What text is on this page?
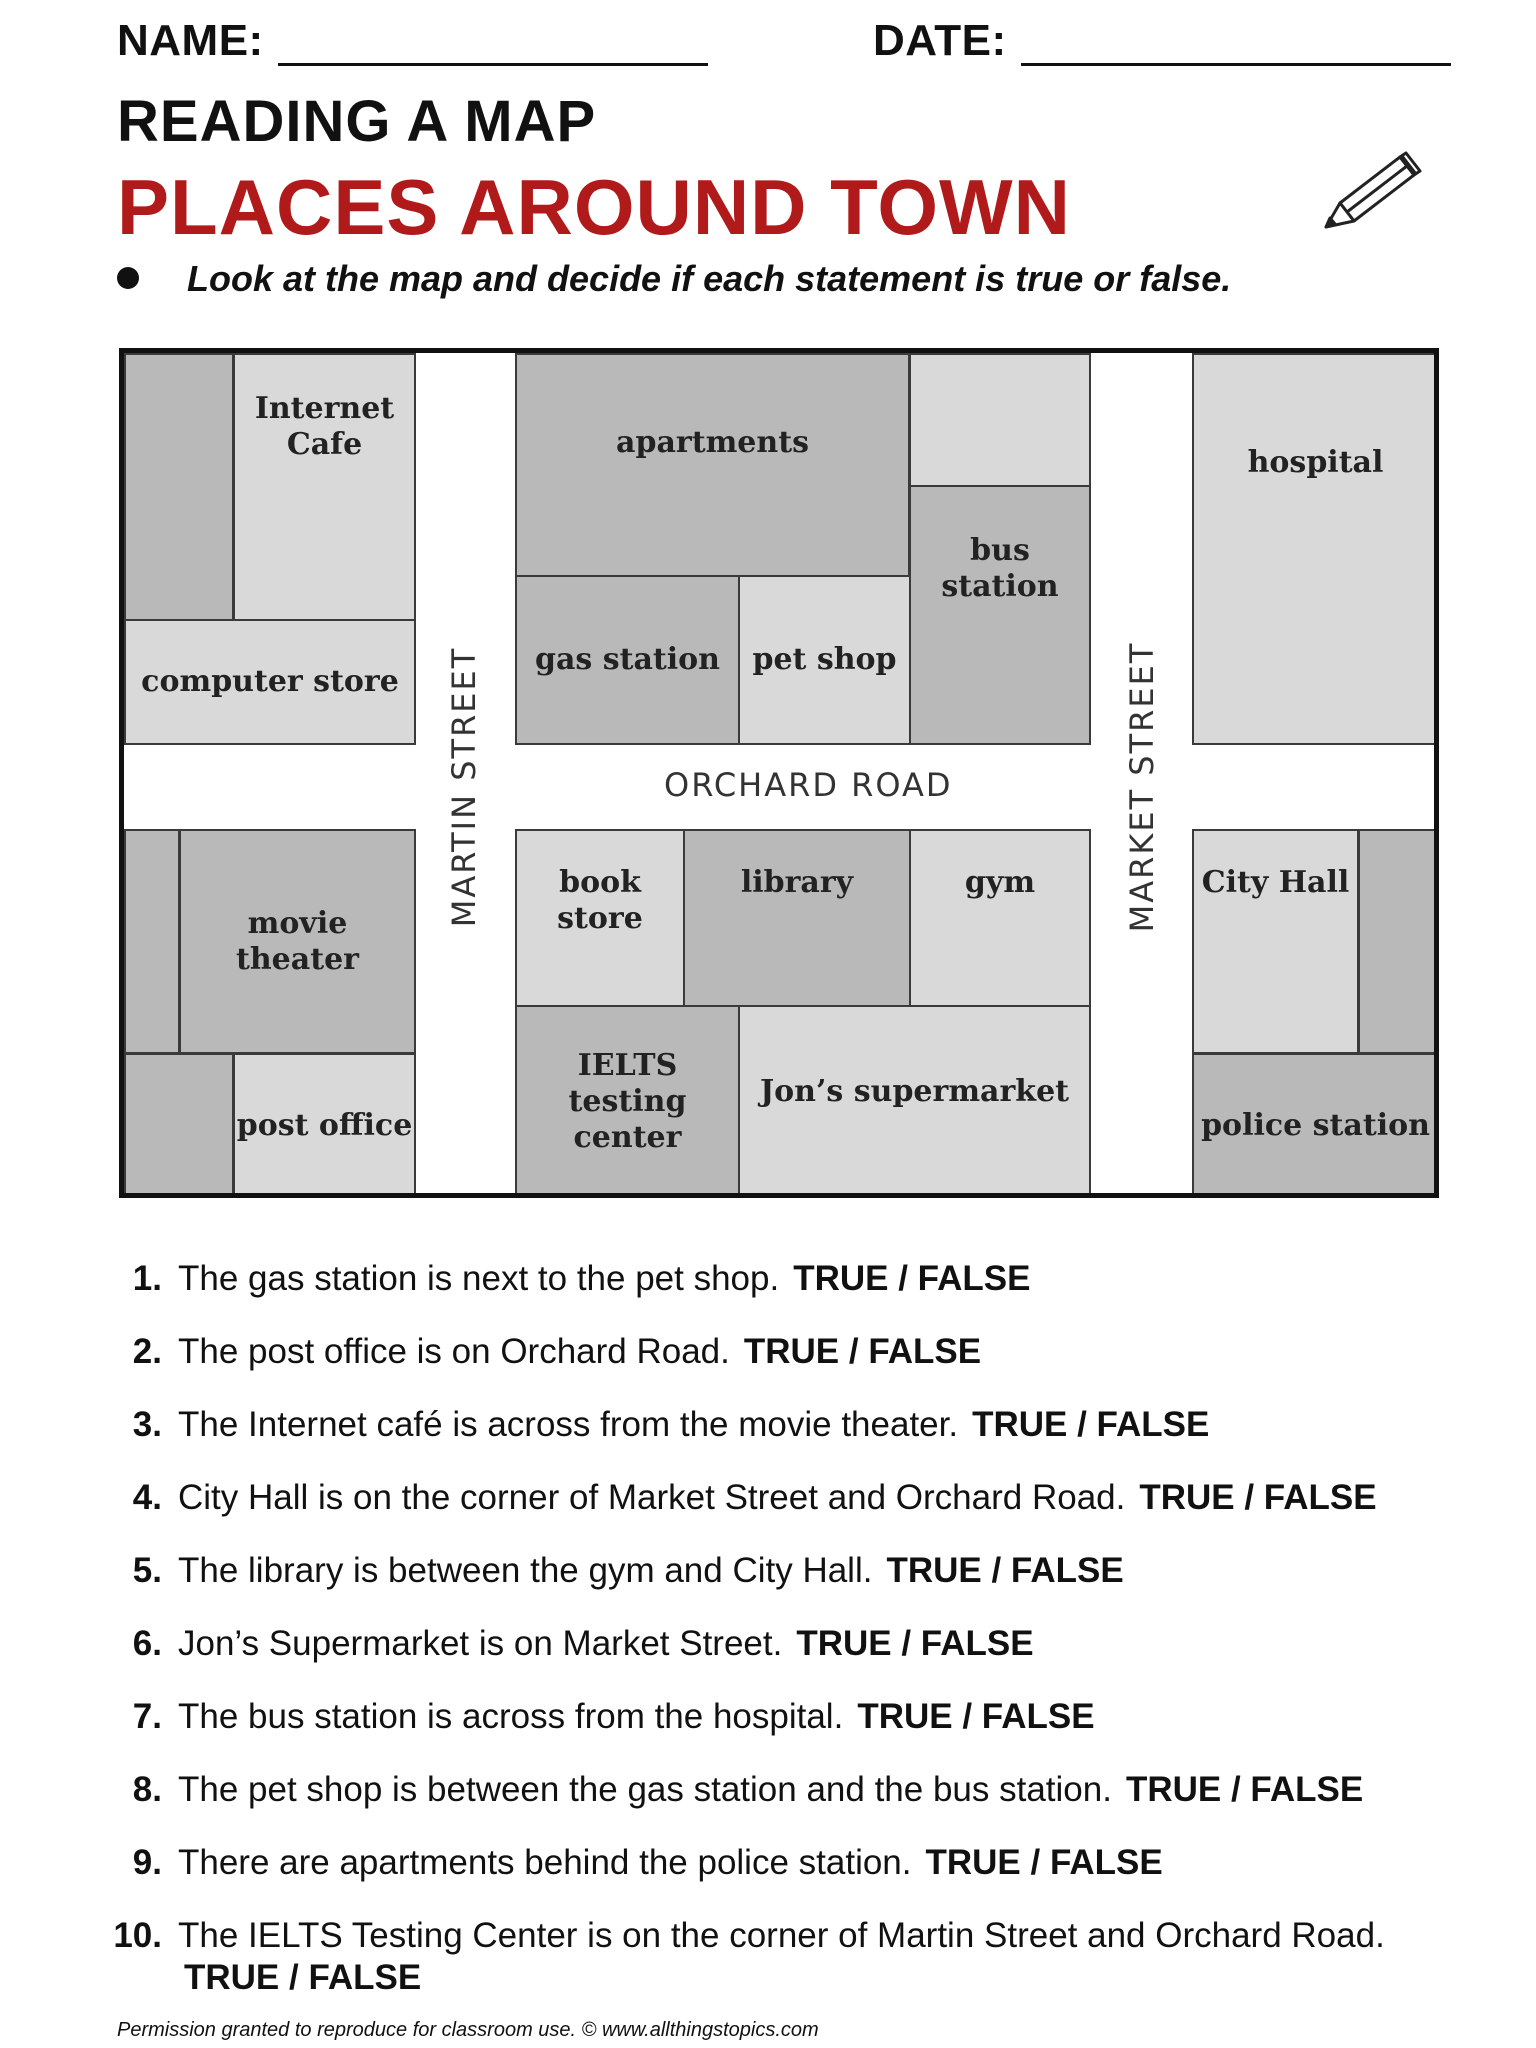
NAME:	DATE:
READING A MAP
PLACES AROUND TOWN
Look at the map and decide if each statement is true or false.
Internet Cafe
computer store
apartments
bus station
gas station	pet shop
hospital
movie theater
post office
book store
library	gym
IELTS testing center
Jon’s supermarket
City Hall
police station
MARTIN STREET	MARKET STREET
ORCHARD ROAD
1. The gas station is next to the pet shop. TRUE / FALSE
2. The post office is on Orchard Road. TRUE / FALSE
3. The Internet café is across from the movie theater. TRUE / FALSE
4. City Hall is on the corner of Market Street and Orchard Road. TRUE / FALSE
5. The library is between the gym and City Hall. TRUE / FALSE
6. Jon’s Supermarket is on Market Street. TRUE / FALSE
7. The bus station is across from the hospital. TRUE / FALSE
8. The pet shop is between the gas station and the bus station. TRUE / FALSE
9. There are apartments behind the police station. TRUE / FALSE
10. The IELTS Testing Center is on the corner of Martin Street and Orchard Road.
TRUE / FALSE
Permission granted to reproduce for classroom use. © www.allthingstopics.com
